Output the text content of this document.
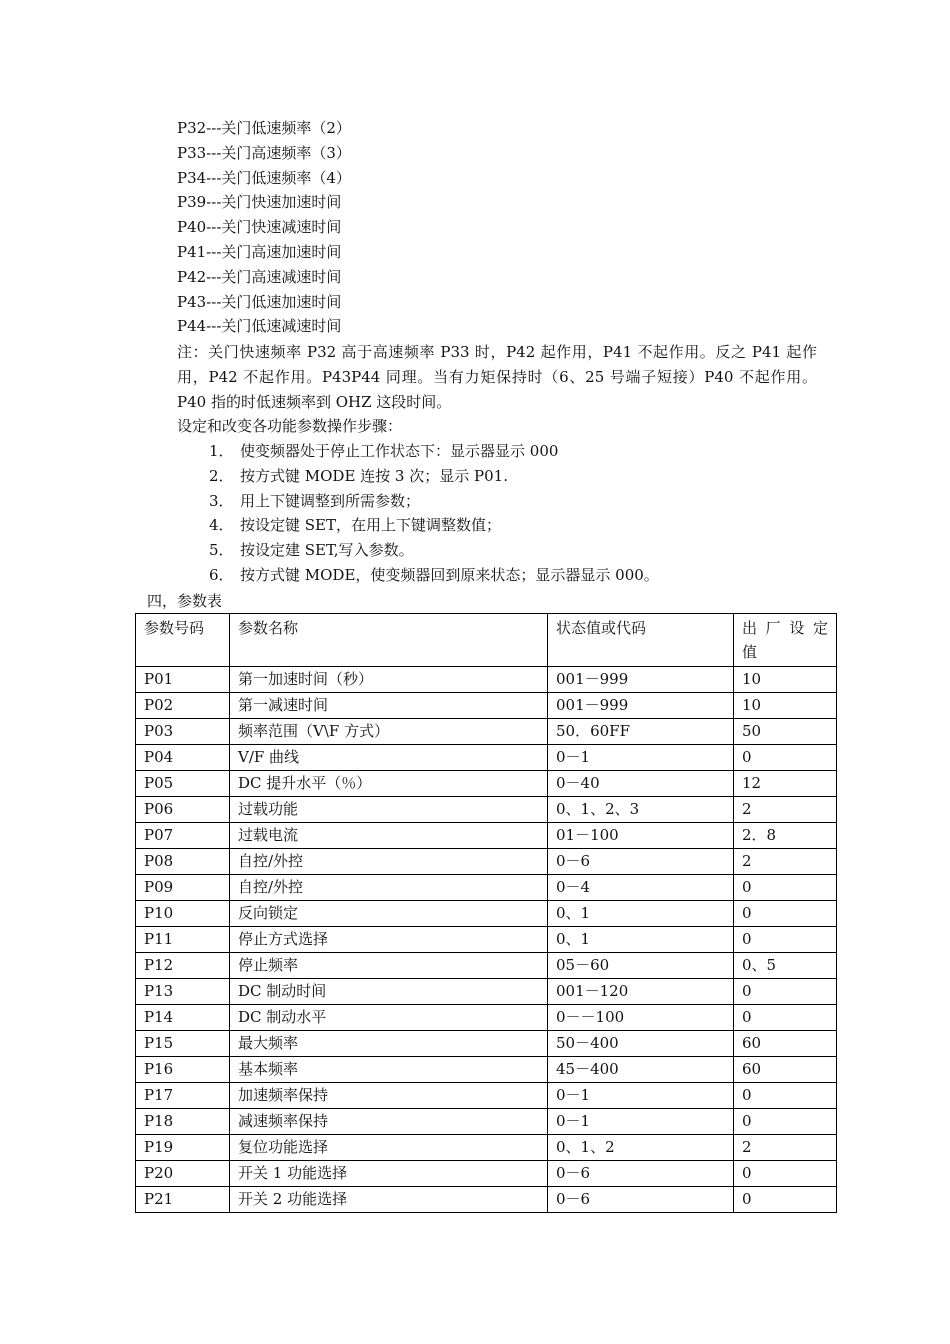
P32---关门低速频率（2）
P33---关门高速频率（3）
P34---关门低速频率（4）
P39---关门快速加速时间
P40---关门快速减速时间
P41---关门高速加速时间
P42---关门高速减速时间
P43---关门低速加速时间
P44---关门低速减速时间
注：关门快速频率 P32 高于高速频率 P33 时，P42 起作用，P41 不起作用。反之 P41 起作用，P42 不起作用。P43P44 同理。当有力矩保持时（6、25 号端子短接）P40 不起作用。P40 指的时低速频率到 OHZ 这段时间。
设定和改变各功能参数操作步骤：
1． 使变频器处于停止工作状态下：显示器显示 000
2． 按方式键 MODE 连按 3 次；显示 P01.
3． 用上下键调整到所需参数；
4． 按设定键 SET，在用上下键调整数值；
5． 按设定建 SET,写入参数。
6． 按方式键 MODE，使变频器回到原来状态；显示器显示 000。
四，参数表
参数号码	参数名称	状态值或代码	出 厂 设 定 值
P01	第一加速时间（秒）	001－999	10
P02	第一减速时间	001－999	10
P03	频率范围（V\F 方式）	50．60FF	50
P04	V/F 曲线	0－1	0
P05	DC 提升水平（％）	0－40	12
P06	过载功能	0、1、2、3	2
P07	过载电流	01－100	2．8
P08	自控/外控	0－6	2
P09	自控/外控	0－4	0
P10	反向锁定	0、1	0
P11	停止方式选择	0、1	0
P12	停止频率	05－60	0、5
P13	DC 制动时间	001－120	0
P14	DC 制动水平	0－－100	0
P15	最大频率	50－400	60
P16	基本频率	45－400	60
P17	加速频率保持	0－1	0
P18	减速频率保持	0－1	0
P19	复位功能选择	0、1、2	2
P20	开关 1 功能选择	0－6	0
P21	开关 2 功能选择	0－6	0
